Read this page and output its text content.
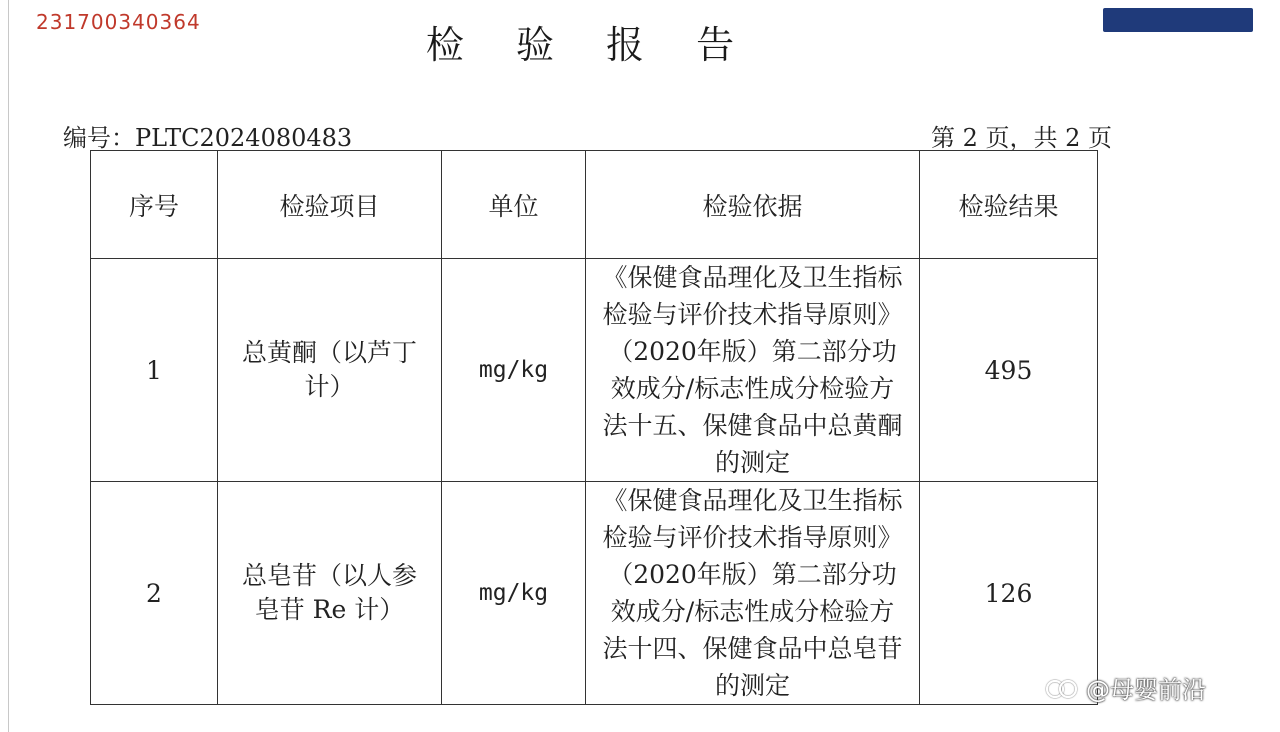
231700340364
检 验 报 告
编号：PLTC2024080483	第 2 页，共 2 页
序号	检验项目	单位	检验依据	检验结果
1	总黄酮（以芦丁计）	mg/kg	《保健食品理化及卫生指标检验与评价技术指导原则》（2020年版）第二部分功效成分/标志性成分检验方法十五、保健食品中总黄酮的测定	495
2	总皂苷（以人参皂苷 Re 计）	mg/kg	《保健食品理化及卫生指标检验与评价技术指导原则》（2020年版）第二部分功效成分/标志性成分检验方法十四、保健食品中总皂苷的测定	126
@母婴前沿
